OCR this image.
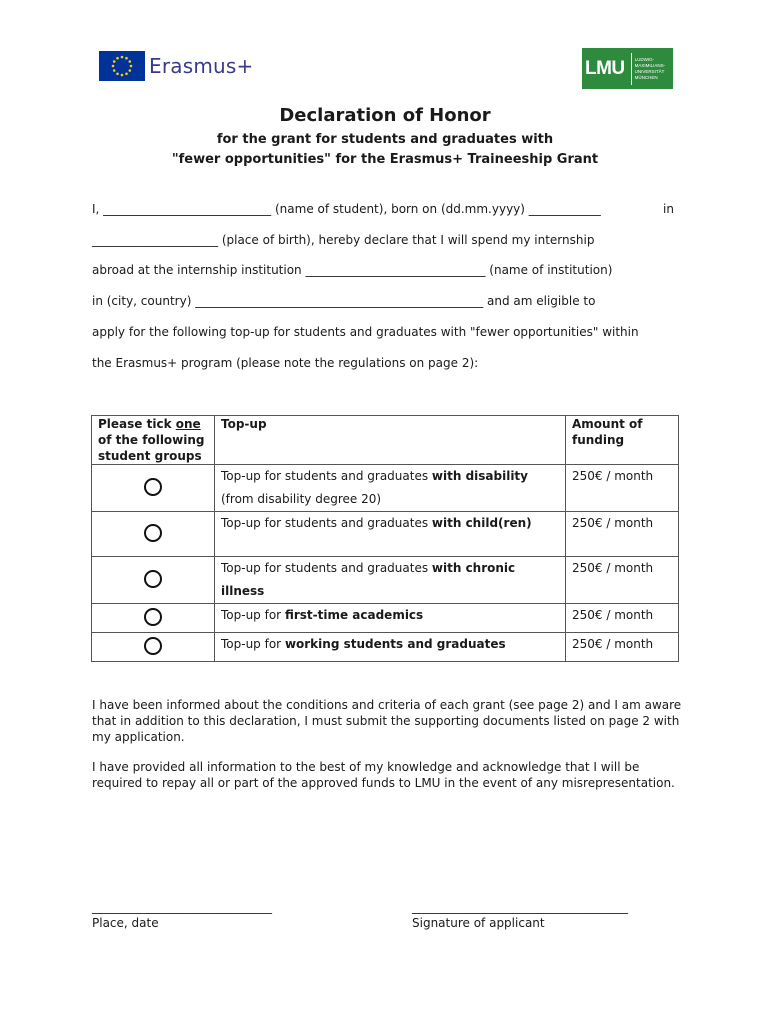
Erasmus+	LMU LUDWIG-
MAXIMILIANS-
UNIVERSITÄT
MÜNCHEN
Declaration of Honor
for the grant for students and graduates with
"fewer opportunities" for the Erasmus+ Traineeship Grant
I, ____________________________ (name of student), born on (dd.mm.yyyy) ____________	in
_____________________ (place of birth), hereby declare that I will spend my internship
abroad at the internship institution ______________________________ (name of institution)
in (city, country) ________________________________________________ and am eligible to
apply for the following top-up for students and graduates with "fewer opportunities" within
the Erasmus+ program (please note the regulations on page 2):
Please tick one of the following student groups	Top-up	Amount of funding
	Top-up for students and graduates with disability (from disability degree 20)	250€ / month
	Top-up for students and graduates with child(ren)	250€ / month
	Top-up for students and graduates with chronic illness	250€ / month
	Top-up for first-time academics	250€ / month
	Top-up for working students and graduates	250€ / month
I have been informed about the conditions and criteria of each grant (see page 2) and I am aware that in addition to this declaration, I must submit the supporting documents listed on page 2 with my application.
I have provided all information to the best of my knowledge and acknowledge that I will be required to repay all or part of the approved funds to LMU in the event of any misrepresentation.
______________________________
Place, date
____________________________________
Signature of applicant
